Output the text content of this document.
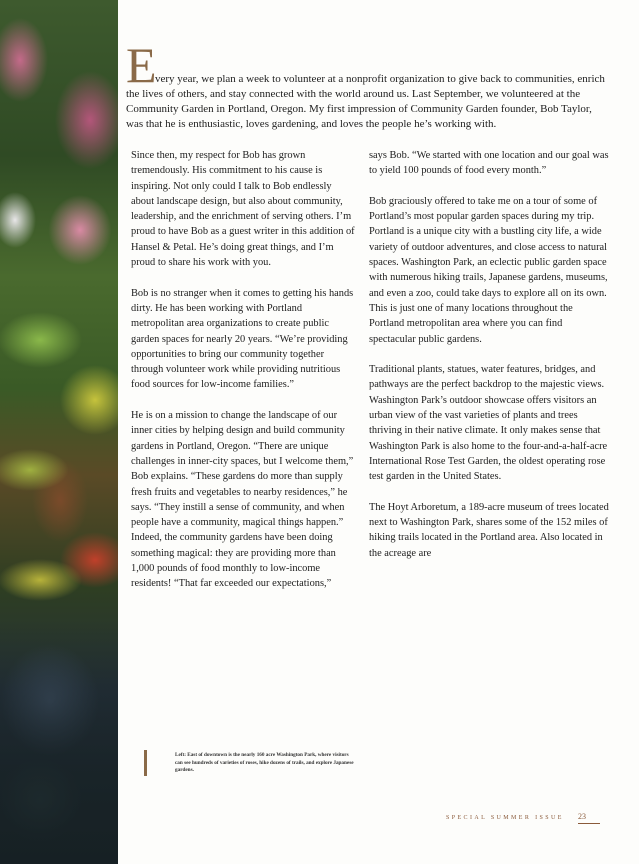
E

very year, we plan a week to volunteer at a nonprofit organization to give back to communities, enrich the lives of others, and stay connected with the world around us. Last September, we volunteered at the Community Garden in Portland, Oregon. My first impression of Community Garden founder, Bob Taylor, was that he is enthusiastic, loves gardening, and loves the people he’s working with.

Since then, my respect for Bob has grown tremendously. His commitment to his cause is inspiring. Not only could I talk to Bob endlessly about landscape design, but also about community, leadership, and the enrichment of serving others. I’m proud to have Bob as a guest writer in this addition of Hansel & Petal. He’s doing great things, and I’m proud to share his work with you.

Bob is no stranger when it comes to getting his hands dirty. He has been working with Portland metropolitan area organizations to create public garden spaces for nearly 20 years. “We’re providing opportunities to bring our community together through volunteer work while providing nutritious food sources for low-income families.”

He is on a mission to change the landscape of our inner cities by helping design and build community gardens in Portland, Oregon. “There are unique challenges in inner-city spaces, but I welcome them,” Bob explains. “These gardens do more than supply fresh fruits and vegetables to nearby residences,” he says. “They instill a sense of community, and when people have a community, magical things happen.” Indeed, the community gardens have been doing something magical: they are providing more than 1,000 pounds of food monthly to low-income residents! “That far exceeded our expectations,”

says Bob. “We started with one location and our goal was to yield 100 pounds of food every month.”

Bob graciously offered to take me on a tour of some of Portland’s most popular garden spaces during my trip. Portland is a unique city with a bustling city life, a wide variety of outdoor adventures, and close access to natural spaces. Washington Park, an eclectic public garden space with numerous hiking trails, Japanese gardens, museums, and even a zoo, could take days to explore all on its own. This is just one of many locations throughout the Portland metropolitan area where you can find spectacular public gardens.

Traditional plants, statues, water features, bridges, and pathways are the perfect backdrop to the majestic views. Washington Park’s outdoor showcase offers visitors an urban view of the vast varieties of plants and trees thriving in their native climate. It only makes sense that Washington Park is also home to the four-and-a-half-acre International Rose Test Garden, the oldest operating rose test garden in the United States.

The Hoyt Arboretum, a 189-acre museum of trees located next to Washington Park, shares some of the 152 miles of hiking trails located in the Portland area. Also located in the acreage are

Left: East of downtown is the nearly 160 acre Washington Park, where visitors can see hundreds of varieties of roses, hike dozens of trails, and explore Japanese gardens.

SPECIAL SUMMER ISSUE 23
